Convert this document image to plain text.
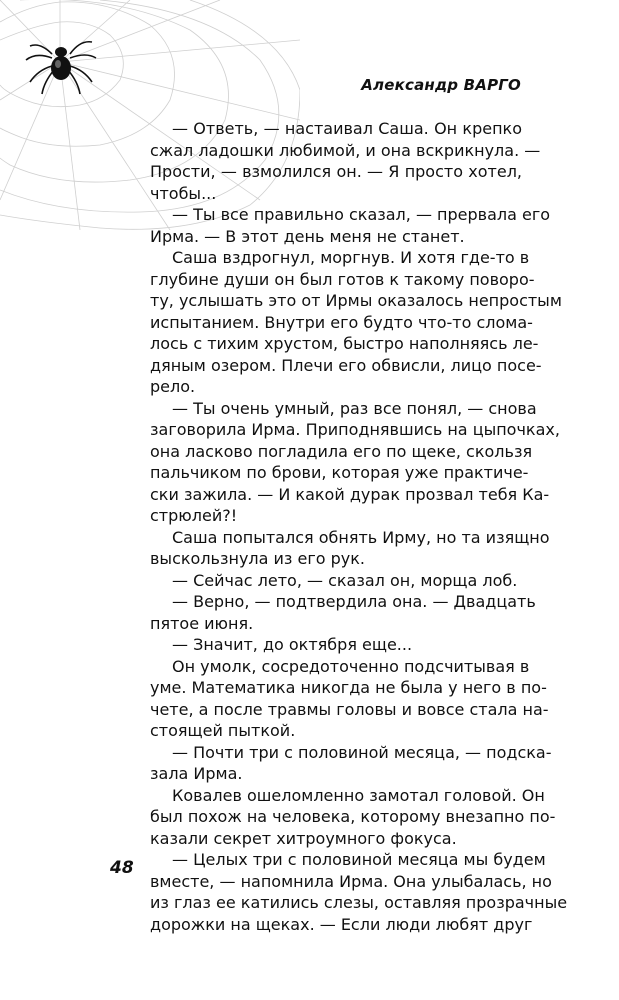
Александр ВАРГО
— Ответь, — настаивал Саша. Он крепко
сжал ладошки любимой, и она вскрикнула. —
Прости, — взмолился он. — Я просто хотел,
чтобы...
— Ты все правильно сказал, — прервала его
Ирма. — В этот день меня не станет.
Саша вздрогнул, моргнув. И хотя где-то в
глубине души он был готов к такому поворо-
ту, услышать это от Ирмы оказалось непростым
испытанием. Внутри его будто что-то слома-
лось с тихим хрустом, быстро наполняясь ле-
дяным озером. Плечи его обвисли, лицо посе-
рело.
— Ты очень умный, раз все понял, — снова
заговорила Ирма. Приподнявшись на цыпочках,
она ласково погладила его по щеке, скользя
пальчиком по брови, которая уже практиче-
ски зажила. — И какой дурак прозвал тебя Ка-
стрюлей?!
Саша попытался обнять Ирму, но та изящно
выскользнула из его рук.
— Сейчас лето, — сказал он, морща лоб.
— Верно, — подтвердила она. — Двадцать
пятое июня.
— Значит, до октября еще...
Он умолк, сосредоточенно подсчитывая в
уме. Математика никогда не была у него в по-
чете, а после травмы головы и вовсе стала на-
стоящей пыткой.
— Почти три с половиной месяца, — подска-
зала Ирма.
Ковалев ошеломленно замотал головой. Он
был похож на человека, которому внезапно по-
казали секрет хитроумного фокуса.
— Целых три с половиной месяца мы будем
вместе, — напомнила Ирма. Она улыбалась, но
из глаз ее катились слезы, оставляя прозрачные
дорожки на щеках. — Если люди любят друг
48
